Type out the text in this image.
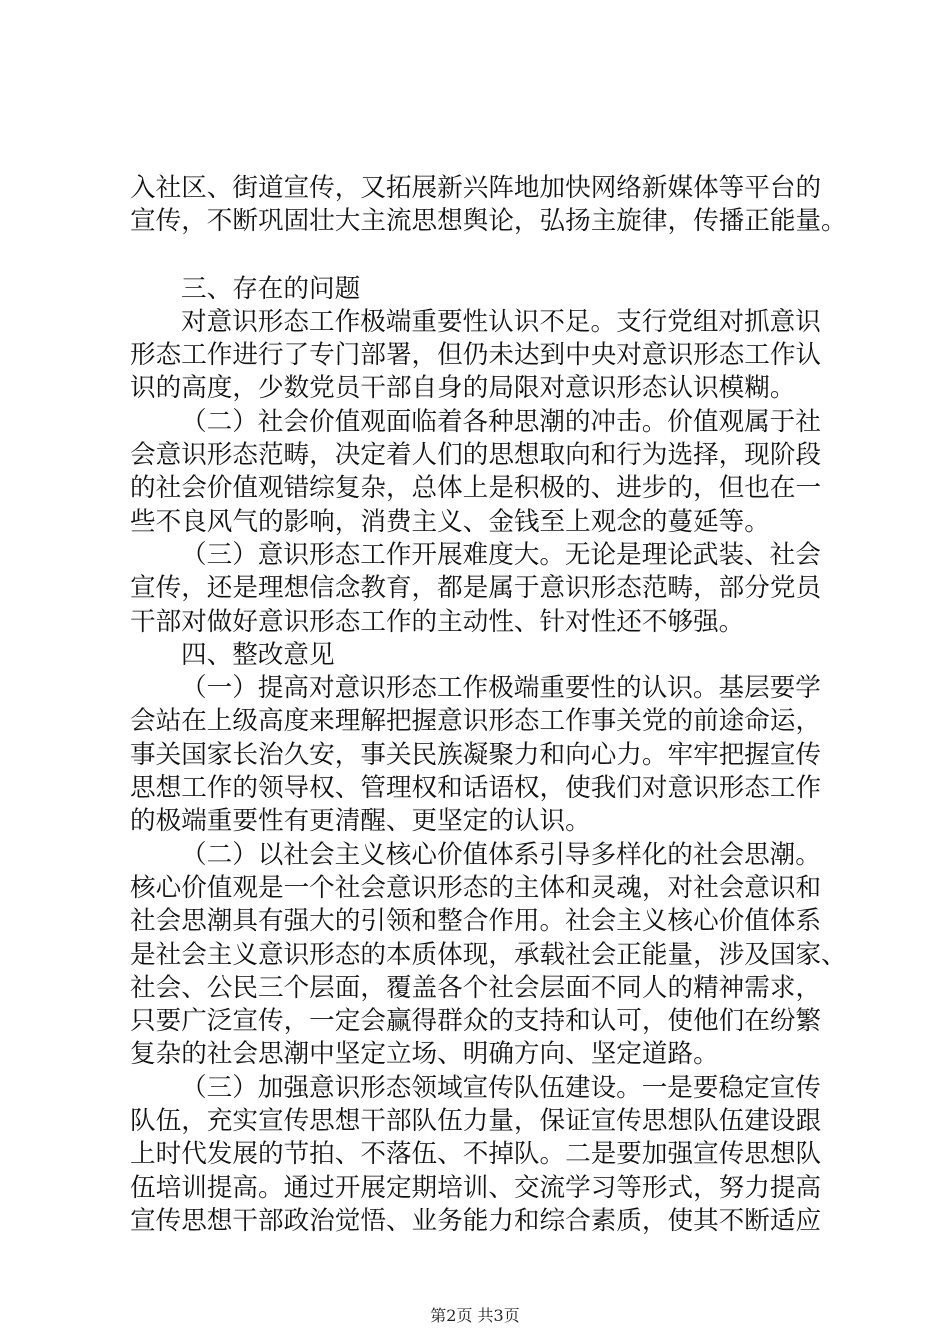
入社区、街道宣传，又拓展新兴阵地加快网络新媒体等平台的
宣传，不断巩固壮大主流思想舆论，弘扬主旋律，传播正能量。
三、存在的问题
对意识形态工作极端重要性认识不足。支行党组对抓意识
形态工作进行了专门部署，但仍未达到中央对意识形态工作认
识的高度，少数党员干部自身的局限对意识形态认识模糊。
（二）社会价值观面临着各种思潮的冲击。价值观属于社
会意识形态范畴，决定着人们的思想取向和行为选择，现阶段
的社会价值观错综复杂，总体上是积极的、进步的，但也在一
些不良风气的影响，消费主义、金钱至上观念的蔓延等。
（三）意识形态工作开展难度大。无论是理论武装、社会
宣传，还是理想信念教育，都是属于意识形态范畴，部分党员
干部对做好意识形态工作的主动性、针对性还不够强。
四、整改意见
（一）提高对意识形态工作极端重要性的认识。基层要学
会站在上级高度来理解把握意识形态工作事关党的前途命运，
事关国家长治久安，事关民族凝聚力和向心力。牢牢把握宣传
思想工作的领导权、管理权和话语权，使我们对意识形态工作
的极端重要性有更清醒、更坚定的认识。
（二）以社会主义核心价值体系引导多样化的社会思潮。
核心价值观是一个社会意识形态的主体和灵魂，对社会意识和
社会思潮具有强大的引领和整合作用。社会主义核心价值体系
是社会主义意识形态的本质体现，承载社会正能量，涉及国家、
社会、公民三个层面，覆盖各个社会层面不同人的精神需求，
只要广泛宣传，一定会赢得群众的支持和认可，使他们在纷繁
复杂的社会思潮中坚定立场、明确方向、坚定道路。
（三）加强意识形态领域宣传队伍建设。一是要稳定宣传
队伍，充实宣传思想干部队伍力量，保证宣传思想队伍建设跟
上时代发展的节拍、不落伍、不掉队。二是要加强宣传思想队
伍培训提高。通过开展定期培训、交流学习等形式，努力提高
宣传思想干部政治觉悟、业务能力和综合素质，使其不断适应
第2页 共3页
